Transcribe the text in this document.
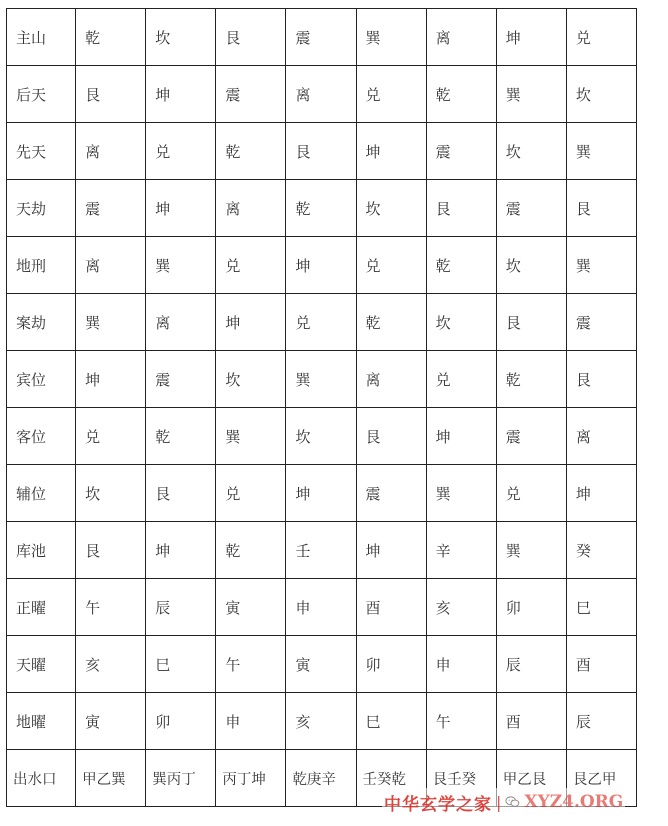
主山	乾	坎	艮	震	巽	离	坤	兑
后天	艮	坤	震	离	兑	乾	巽	坎
先天	离	兑	乾	艮	坤	震	坎	巽
天劫	震	坤	离	乾	坎	艮	震	艮
地刑	离	巽	兑	坤	兑	乾	坎	巽
案劫	巽	离	坤	兑	乾	坎	艮	震
宾位	坤	震	坎	巽	离	兑	乾	艮
客位	兑	乾	巽	坎	艮	坤	震	离
辅位	坎	艮	兑	坤	震	巽	兑	坤
库池	艮	坤	乾	壬	坤	辛	巽	癸
正曜	午	辰	寅	申	酉	亥	卯	巳
天曜	亥	巳	午	寅	卯	申	辰	酉
地曜	寅	卯	申	亥	巳	午	酉	辰
出水口	甲乙巽	巽丙丁	丙丁坤	乾庚辛	壬癸乾	艮壬癸	甲乙艮	艮乙甲
中华玄学之家 | XYZ4.ORG
